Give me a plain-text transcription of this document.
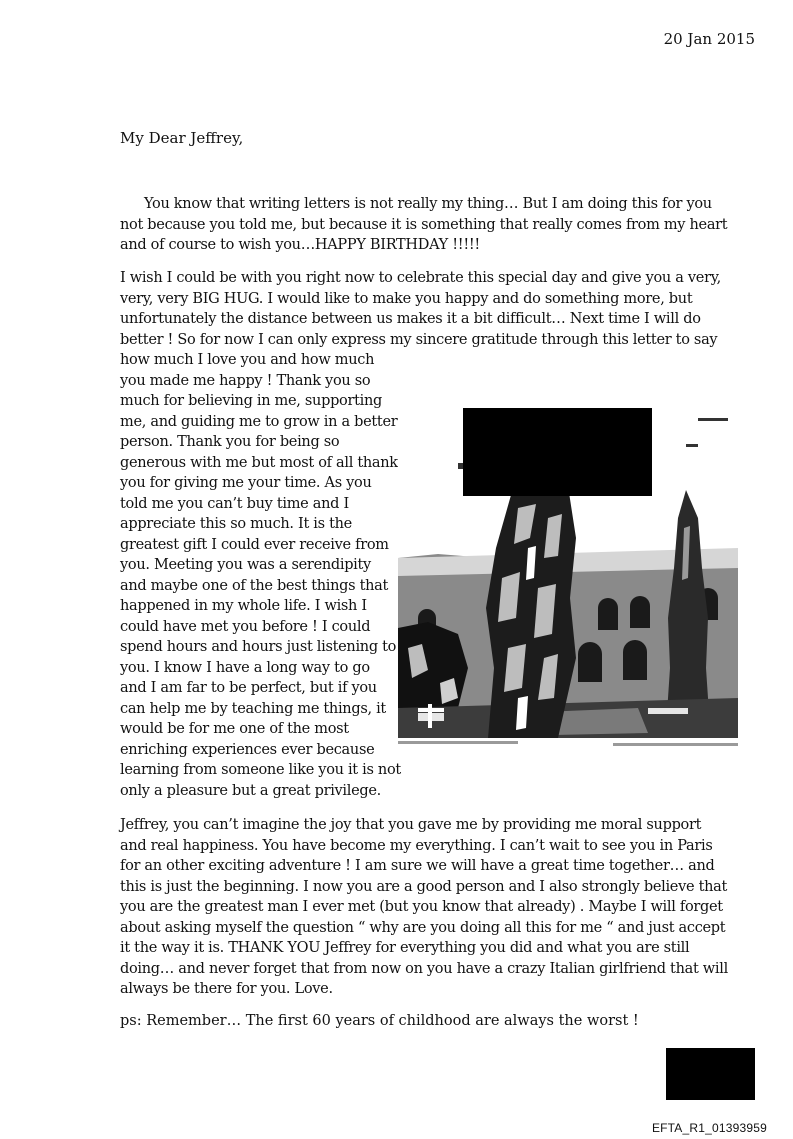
20 Jan 2015
My Dear Jeffrey,
You know that writing letters is not really my thing… But I am doing this for you
not because you told me, but because it is something that really comes from my heart
and of course to wish you…HAPPY BIRTHDAY !!!!!
I wish I could be with you right now to celebrate this special day and give you a very,
very, very BIG HUG. I would like to make you happy and do something more, but
unfortunately the distance between us makes it a bit difficult… Next time I will do
better ! So for now I can only express my sincere gratitude through this letter to say
how much I love you and how much
you made me happy ! Thank you so
much for believing in me, supporting
me, and guiding me to grow in a better
person. Thank you for being so
generous with me but most of all thank
you for giving me your time. As you
told me you can’t buy time and I
appreciate this so much. It is the
greatest gift I could ever receive from
you. Meeting you was a serendipity
and maybe one of the best things that
happened in my whole life. I wish I
could have met you before ! I could
spend hours and hours just listening to
you. I know I have a long way to go
and I am far to be perfect, but if you
can help me by teaching me things, it
would be for me one of the most
enriching experiences ever because
learning from someone like you it is not
only a pleasure but a great privilege.
Jeffrey, you can’t imagine the joy that you gave me by providing me moral support
and real happiness. You have become my everything. I can’t wait to see you in Paris
for an other exciting adventure ! I am sure we will have a great time together… and
this is just the beginning. I now you are a good person and I also strongly believe that
you are the greatest man I ever met (but you know that already) . Maybe I will forget
about asking myself the question “ why are you doing all this for me “ and just accept
it the way it is. THANK YOU Jeffrey for everything you did and what you are still
doing… and never forget that from now on you have a crazy Italian girlfriend that will
always be there for you. Love.
ps: Remember… The first 60 years of childhood are always the worst !
EFTA_R1_01393959
